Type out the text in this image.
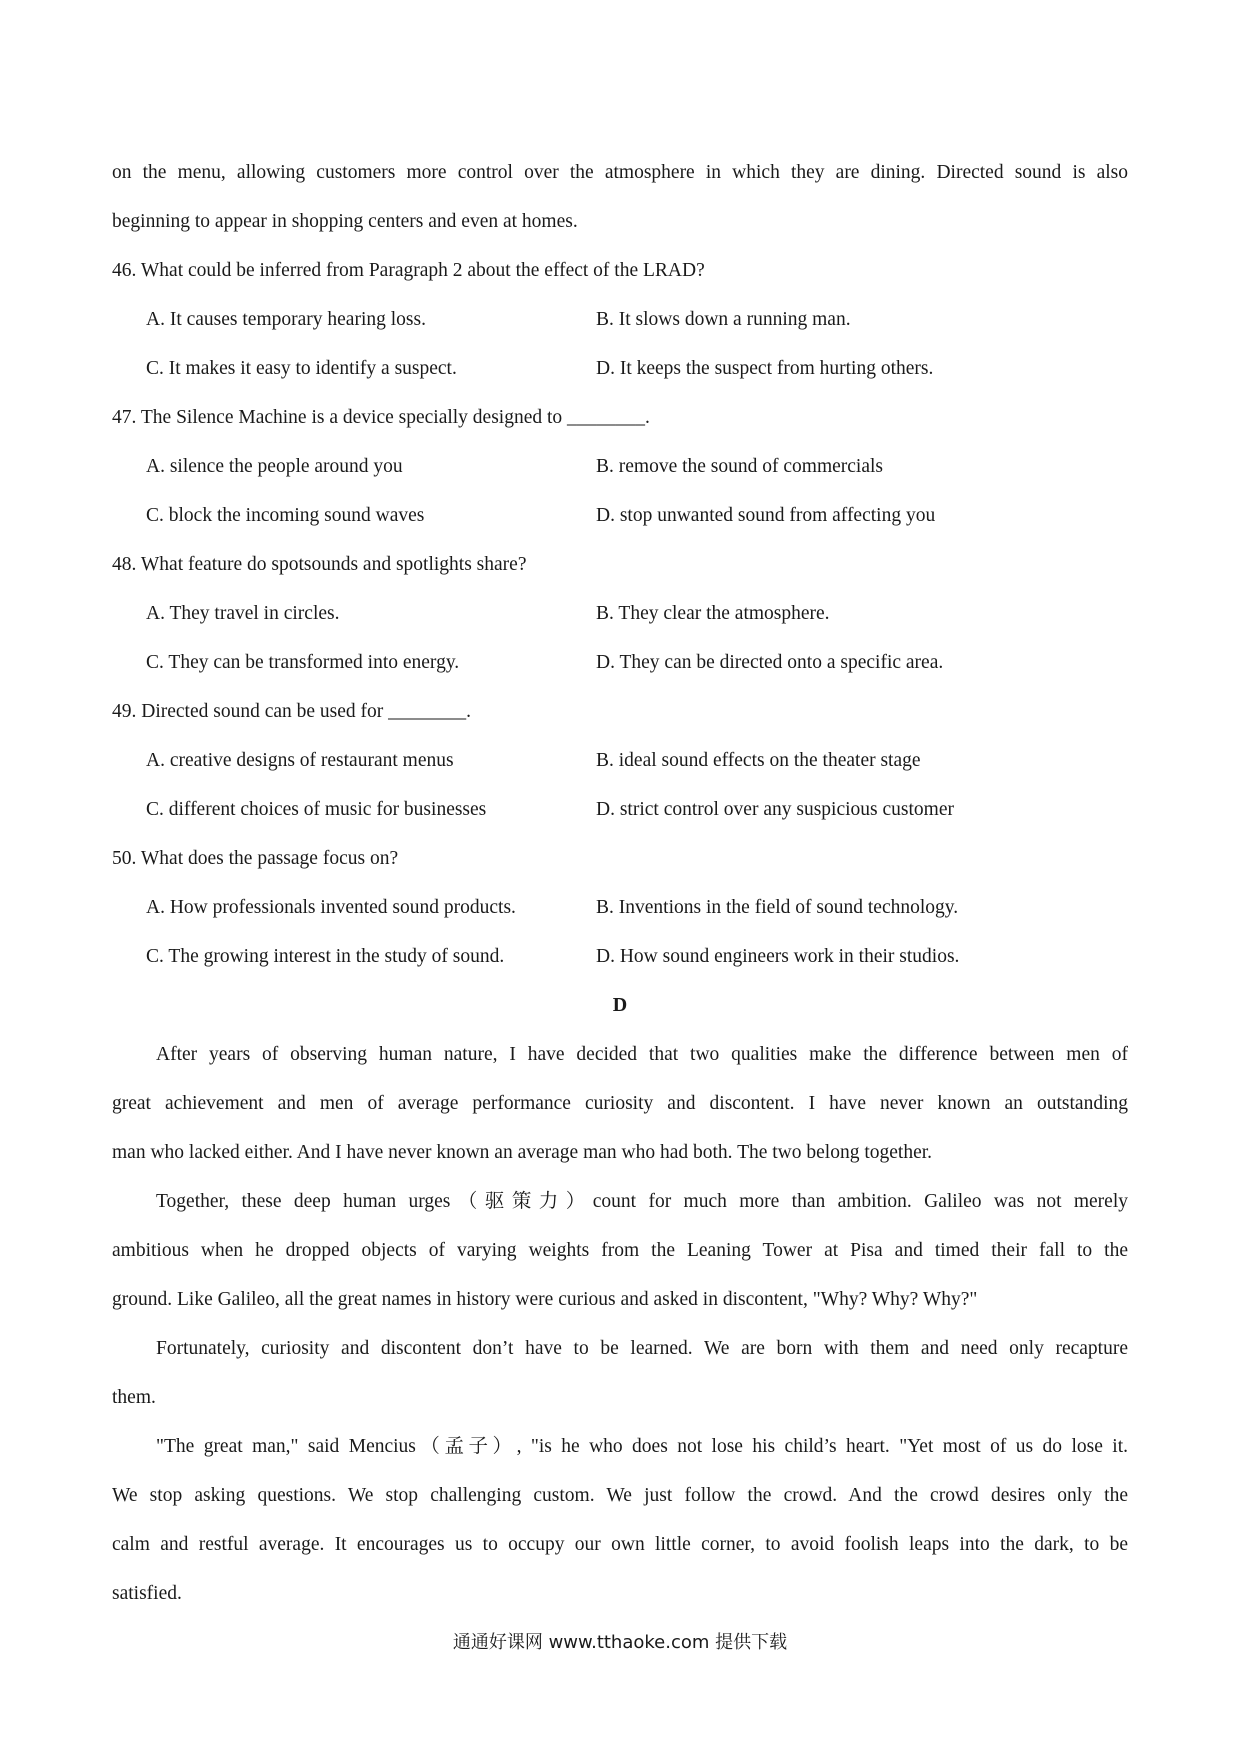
on the menu, allowing customers more control over the atmosphere in which they are dining. Directed sound is also
beginning to appear in shopping centers and even at homes.
46. What could be inferred from Paragraph 2 about the effect of the LRAD?
A. It causes temporary hearing loss.	B. It slows down a running man.
C. It makes it easy to identify a suspect.	D. It keeps the suspect from hurting others.
47. The Silence Machine is a device specially designed to ________.
A. silence the people around you	B. remove the sound of commercials
C. block the incoming sound waves	D. stop unwanted sound from affecting you
48. What feature do spotsounds and spotlights share?
A. They travel in circles.	B. They clear the atmosphere.
C. They can be transformed into energy.	D. They can be directed onto a specific area.
49. Directed sound can be used for ________.
A. creative designs of restaurant menus	B. ideal sound effects on the theater stage
C. different choices of music for businesses	D. strict control over any suspicious customer
50. What does the passage focus on?
A. How professionals invented sound products.	B. Inventions in the field of sound technology.
C. The growing interest in the study of sound.	D. How sound engineers work in their studios.
D
After years of observing human nature, I have decided that two qualities make the difference between men of
great achievement and men of average performance curiosity and discontent. I have never known an outstanding
man who lacked either. And I have never known an average man who had both. The two belong together.
Together, these deep human urges（驱策力）count for much more than ambition. Galileo was not merely
ambitious when he dropped objects of varying weights from the Leaning Tower at Pisa and timed their fall to the
ground. Like Galileo, all the great names in history were curious and asked in discontent, "Why? Why? Why?"
Fortunately, curiosity and discontent don’t have to be learned. We are born with them and need only recapture
them.
"The great man," said Mencius（孟子）, "is he who does not lose his child’s heart. "Yet most of us do lose it.
We stop asking questions. We stop challenging custom. We just follow the crowd. And the crowd desires only the
calm and restful average. It encourages us to occupy our own little corner, to avoid foolish leaps into the dark, to be
satisfied.
通通好课网 www.tthaoke.com 提供下载
